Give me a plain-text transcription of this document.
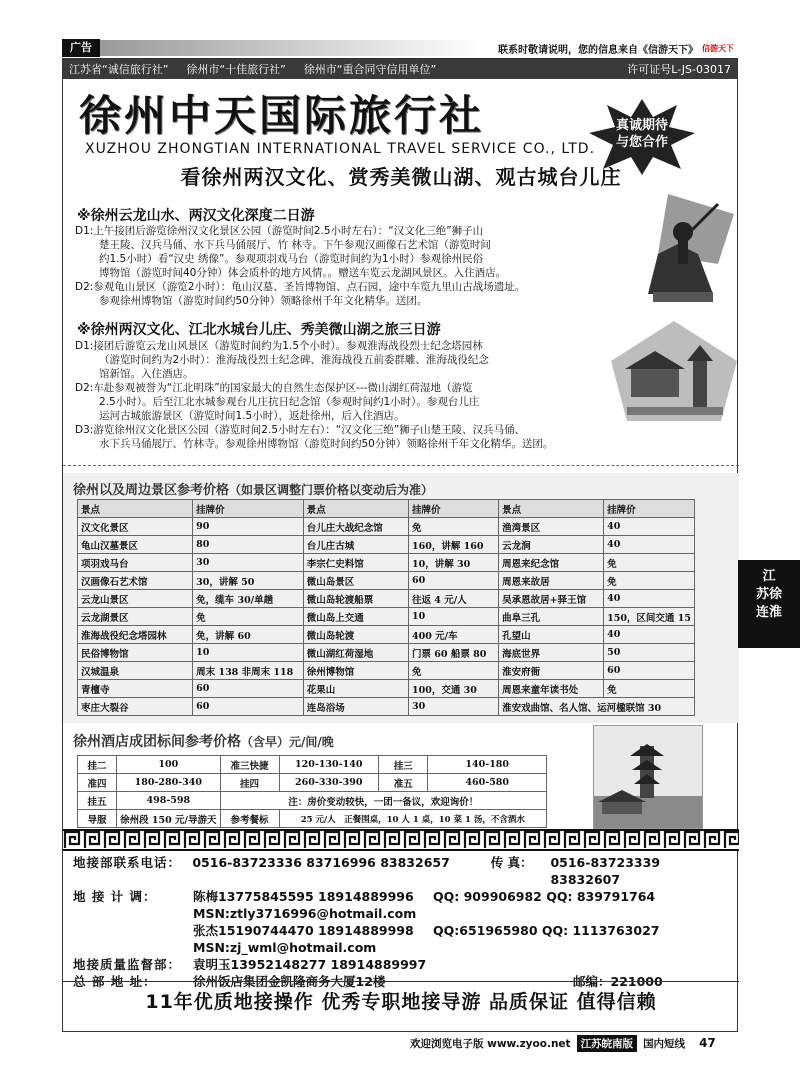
广告	联系时敬请说明，您的信息来自《信游天下》 信游天下
江苏省“诚信旅行社” 徐州市“十佳旅行社” 徐州市“重合同守信用单位”	许可证号L-JS-03017
徐州中天国际旅行社
XUZHOU ZHONGTIAN INTERNATIONAL TRAVEL SERVICE CO., LTD.
真诚期待
与您合作
看徐州两汉文化、赏秀美微山湖、观古城台儿庄
※徐州云龙山水、两汉文化深度二日游

D1:上午接团后游览徐州汉文化景区公园（游览时间2.5小时左右）：“汉文化三绝”狮子山

楚王陵、汉兵马俑、水下兵马俑展厅、竹 林寺。下午参观汉画像石艺术馆（游览时间

约1.5小时）看“汉史 绣像”。参观项羽戏马台（游览时间约为1小时）参观徐州民俗

博物馆（游览时间40分钟）体会质朴的地方风情。。赠送车览云龙湖风景区。入住酒店。

D2:参观龟山景区（游览2小时）：龟山汉墓、圣旨博物馆、点石园，途中车览九里山古战场遗址。

参观徐州博物馆（游览时间约50分钟）领略徐州千年文化精华。送团。

※徐州两汉文化、江北水城台儿庄、秀美微山湖之旅三日游

D1:接团后游览云龙山风景区（游览时间约为1.5个小时）。参观淮海战役烈士纪念塔园林

（游览时间约为2小时）：淮海战役烈士纪念碑、淮海战役五前委群雕、淮海战役纪念

馆新馆。入住酒店。

D2:车赴参观被誉为“江北明珠”的国家最大的自然生态保护区---微山湖红荷湿地（游览

2.5小时）。后至江北水城参观台儿庄抗日纪念馆（参观时间约1小时）。参观台儿庄

运河古城旅游景区（游览时间1.5小时），返赴徐州，后入住酒店。

D3:游览徐州汉文化景区公园（游览时间2.5小时左右）：“汉文化三绝”狮子山楚王陵、汉兵马俑、

水下兵马俑展厅、竹林寺。参观徐州博物馆（游览时间约50分钟）领略徐州千年文化精华。送团。

徐州以及周边景区参考价格（如景区调整门票价格以变动后为准）
景点	挂牌价	景点	挂牌价	景点	挂牌价
汉文化景区	90	台儿庄大战纪念馆	免	渔湾景区	40
龟山汉墓景区	80	台儿庄古城	160，讲解 160	云龙涧	40
项羽戏马台	30	李宗仁史料馆	10，讲解 30	周恩来纪念馆	免
汉画像石艺术馆	30，讲解 50	微山岛景区	60	周恩来故居	免
云龙山景区	免，缆车 30/单趟	微山岛轮渡船票	往返 4 元/人	吴承恩故居+驿王馆	40
云龙湖景区	免	微山岛上交通	10	曲阜三孔	150，区间交通 15
淮海战役纪念塔园林	免，讲解 60	微山岛轮渡	400 元/车	孔望山	40
民俗博物馆	10	微山湖红荷湿地	门票 60 船票 80	海底世界	50
汉城温泉	周末 138 非周末 118	徐州博物馆	免	淮安府衙	60
青檀寺	60	花果山	100，交通 30	周恩来童年读书处	免
枣庄大裂谷	60	连岛浴场	30	淮安戏曲馆、名人馆、运河楹联馆 30	
徐州酒店成团标间参考价格（含早）元/间/晚
挂二	100	准三快捷	120-130-140	挂三	140-180
准四	180-280-340	挂四	260-330-390	准五	460-580
挂五	498-598	注：房价变动较快，一团一备议，欢迎询价！			
导服	徐州段 150 元/导游天	参考餐标	25 元/人　正餐围桌，10 人 1 桌，10 菜 1 汤，不含酒水		
地接部联系电话： 0516-83723336 83716996 83832657	传 真：	0516-83723339 83832607
地 接 计 调：	陈梅13775845595 18914889996	QQ: 909906982 QQ: 839791764
MSN:ztly3716996@hotmail.com
张杰15190744470 18914889998	QQ:651965980 QQ: 1113763027
MSN:zj_wml@hotmail.com
地接质量监督部： 袁明玉13952148277 18914889997
总 部 地 址：	徐州饭店集团金凯隆商务大厦12楼	邮编： 221000
11年优质地接操作 优秀专职地接导游 品质保证 值得信赖
欢迎浏览电子版 www.zyoo.net 江苏皖南版 国内短线 47
江
苏徐
连淮
